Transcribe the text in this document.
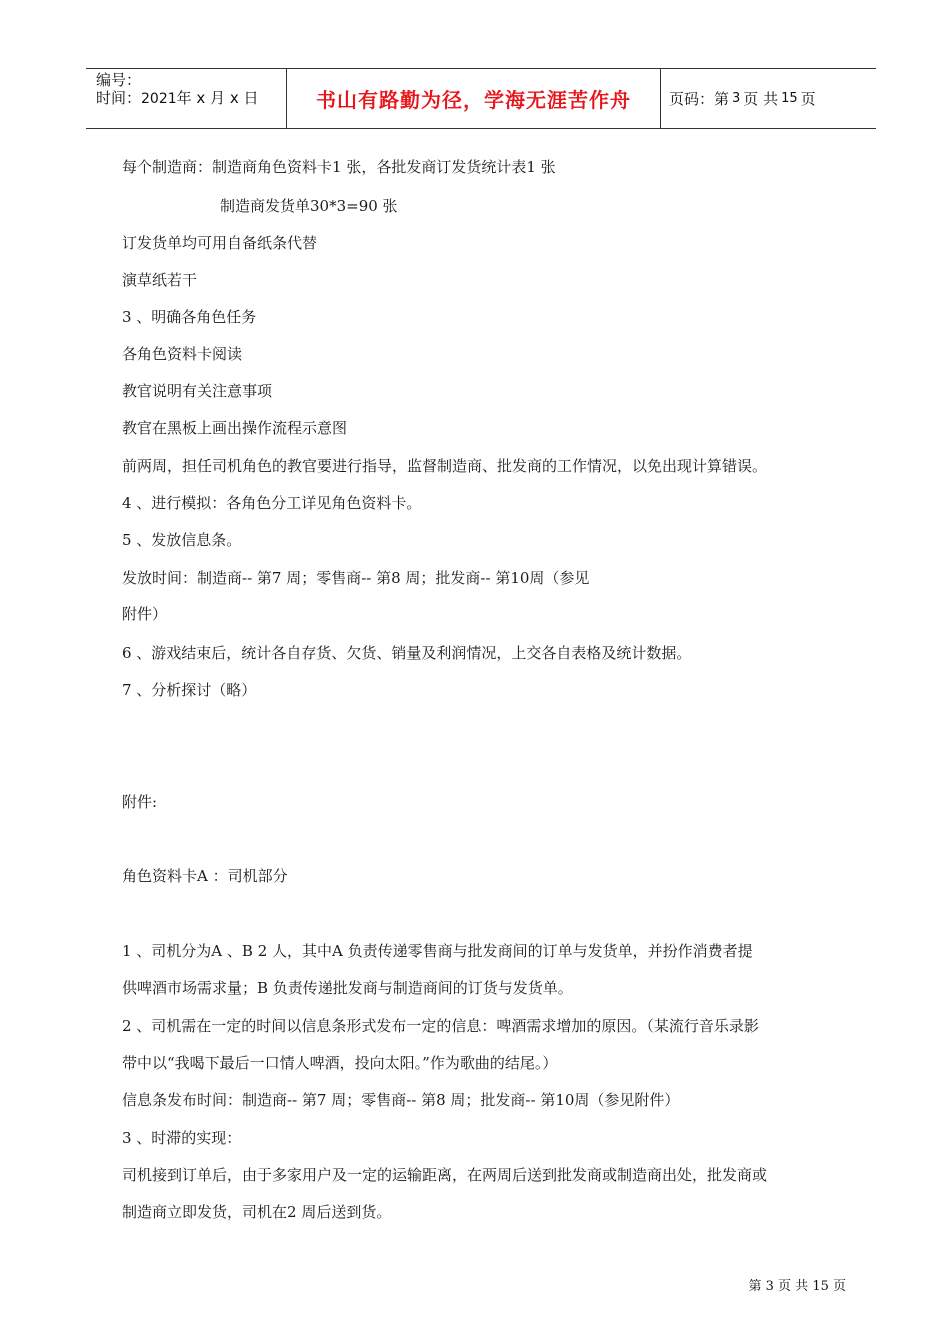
编号：
时间：2021年 x 月 x 日	书山有路勤为径，学海无涯苦作舟	页码：第 3 页 共 15 页
每个制造商：制造商角色资料卡1 张，各批发商订发货统计表1 张
制造商发货单30*3=90 张
订发货单均可用自备纸条代替
演草纸若干
3 、明确各角色任务
各角色资料卡阅读
教官说明有关注意事项
教官在黑板上画出操作流程示意图
前两周，担任司机角色的教官要进行指导，监督制造商、批发商的工作情况，以免出现计算错误。
4 、进行模拟：各角色分工详见角色资料卡。
5 、发放信息条。
发放时间：制造商-- 第7 周；零售商-- 第8 周；批发商-- 第10周（参见
附件）
6 、游戏结束后，统计各自存货、欠货、销量及利润情况，上交各自表格及统计数据。
7 、分析探讨（略）
附件:
角色资料卡A ：司机部分
1 、司机分为A 、B 2 人，其中A 负责传递零售商与批发商间的订单与发货单，并扮作消费者提
供啤酒市场需求量；B 负责传递批发商与制造商间的订货与发货单。
2 、司机需在一定的时间以信息条形式发布一定的信息：啤酒需求增加的原因。（某流行音乐录影
带中以“我喝下最后一口情人啤酒，投向太阳。”作为歌曲的结尾。）
信息条发布时间：制造商-- 第7 周；零售商-- 第8 周；批发商-- 第10周（参见附件）
3 、时滞的实现：
司机接到订单后，由于多家用户及一定的运输距离，在两周后送到批发商或制造商出处，批发商或
制造商立即发货，司机在2 周后送到货。
第 3 页 共 15 页
